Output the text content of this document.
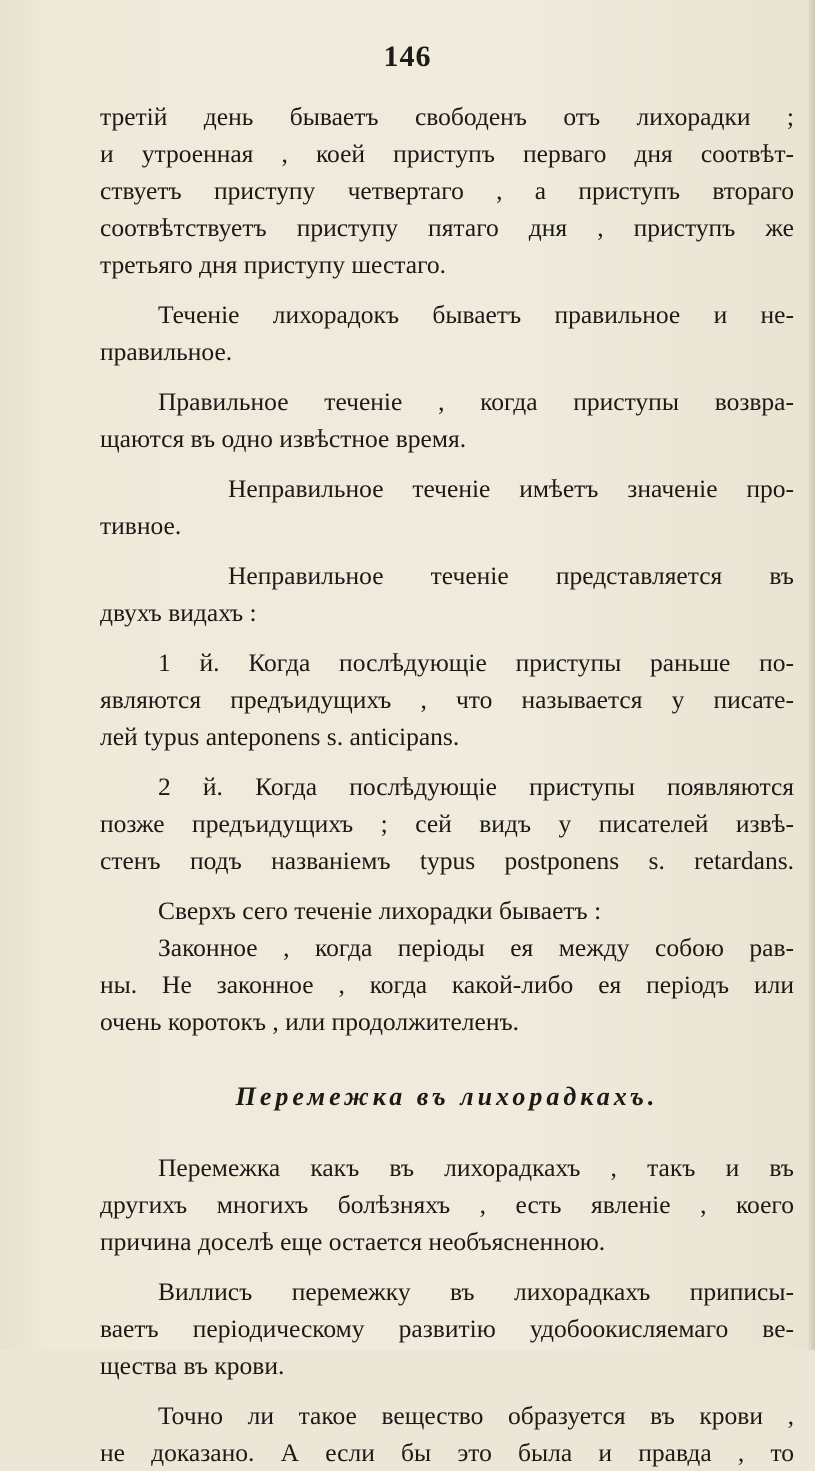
146
третій день бываетъ свободенъ отъ лихорадки ;
и утроенная , коей приступъ перваго дня соотвѣт-
ствуетъ приступу четвертаго , а приступъ втораго
соотвѣтствуетъ приступу пятаго дня , приступъ же
третьяго дня приступу шестаго.
Теченіе лихорадокъ бываетъ правильное и не-
правильное.
Правильное теченіе , когда приступы возвра-
щаются въ одно извѣстное время.
Неправильное теченіе имѣетъ значеніе про-
тивное.
Неправильное теченіе представляется въ
двухъ видахъ :
1 й. Когда послѣдующіе приступы раньше по-
являются предъидущихъ , что называется у писате-
лей typus anteponens s. anticipans.
2 й. Когда послѣдующіе приступы появляются
позже предъидущихъ ; сей видъ у писателей извѣ-
стенъ подъ названіемъ typus postponens s. retardans.
Сверхъ сего теченіе лихорадки бываетъ :
Законное , когда періоды ея между собою рав-
ны. Не законное , когда какой-либо ея періодъ или
очень коротокъ , или продолжителенъ.
Перемежка въ лихорадкахъ.
Перемежка какъ въ лихорадкахъ , такъ и въ
другихъ многихъ болѣзняхъ , есть явленіе , коего
причина доселѣ еще остается необъясненною.
Виллисъ перемежку въ лихорадкахъ приписы-
ваетъ періодическому развитію удобоокисляемаго ве-
щества въ крови.
Точно ли такое вещество образуется въ крови ,
не доказано. А если бы это была и правда , то
